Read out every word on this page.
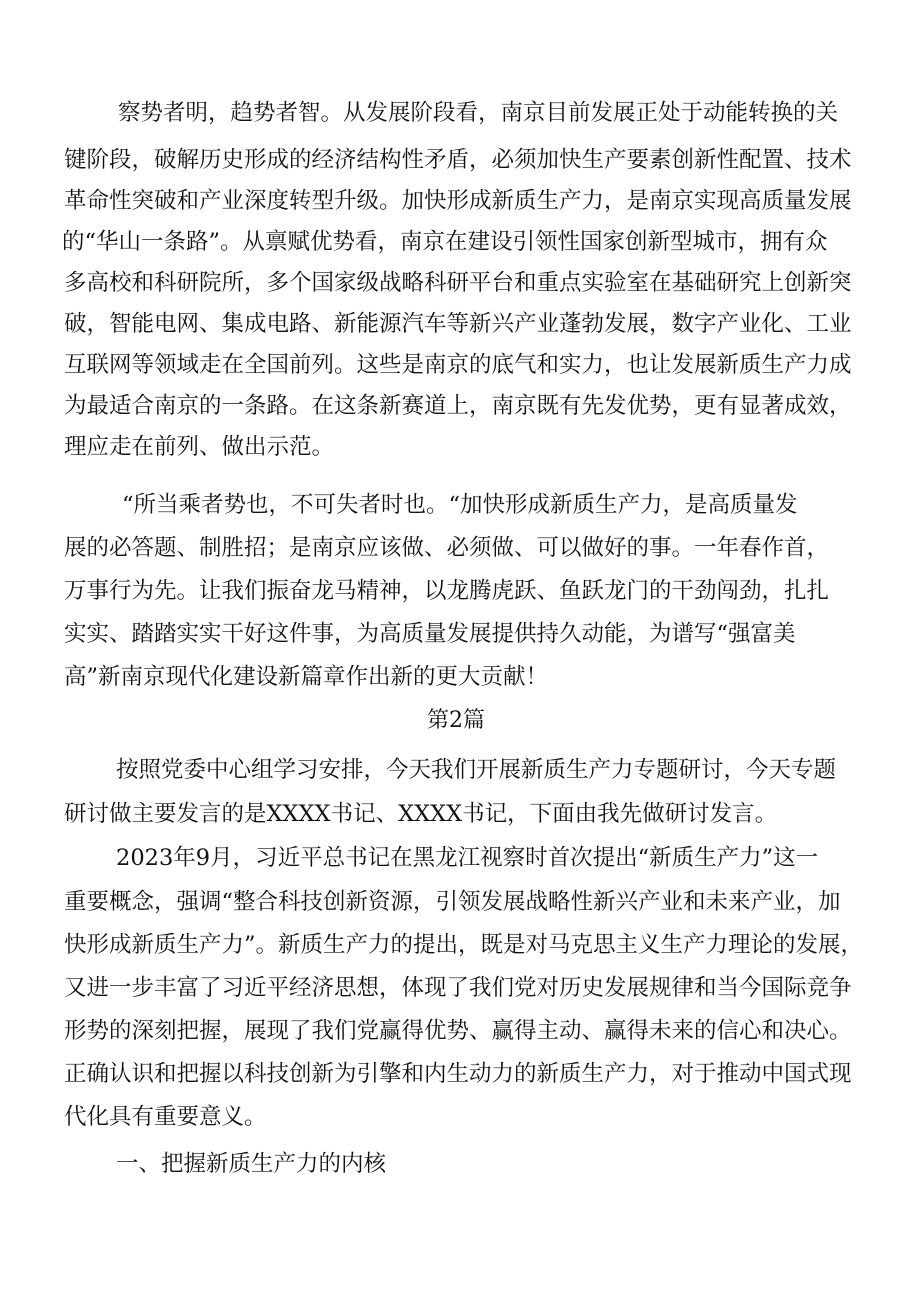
察势者明，趋势者智。从发展阶段看，南京目前发展正处于动能转换的关
键阶段，破解历史形成的经济结构性矛盾，必须加快生产要素创新性配置、技术
革命性突破和产业深度转型升级。加快形成新质生产力，是南京实现高质量发展
的“华山一条路”。从禀赋优势看，南京在建设引领性国家创新型城市，拥有众
多高校和科研院所，多个国家级战略科研平台和重点实验室在基础研究上创新突
破，智能电网、集成电路、新能源汽车等新兴产业蓬勃发展，数字产业化、工业
互联网等领域走在全国前列。这些是南京的底气和实力，也让发展新质生产力成
为最适合南京的一条路。在这条新赛道上，南京既有先发优势，更有显著成效，
理应走在前列、做出示范。
“所当乘者势也，不可失者时也。“加快形成新质生产力，是高质量发
展的必答题、制胜招；是南京应该做、必须做、可以做好的事。一年春作首，
万事行为先。让我们振奋龙马精神，以龙腾虎跃、鱼跃龙门的干劲闯劲，扎扎
实实、踏踏实实干好这件事，为高质量发展提供持久动能，为谱写“强富美
高”新南京现代化建设新篇章作出新的更大贡献！
第2篇
按照党委中心组学习安排，今天我们开展新质生产力专题研讨，今天专题
研讨做主要发言的是XXXX书记、XXXX书记，下面由我先做研讨发言。
2023年9月，习近平总书记在黑龙江视察时首次提出“新质生产力”这一
重要概念，强调“整合科技创新资源，引领发展战略性新兴产业和未来产业，加
快形成新质生产力”。新质生产力的提出，既是对马克思主义生产力理论的发展，
又进一步丰富了习近平经济思想，体现了我们党对历史发展规律和当今国际竞争
形势的深刻把握，展现了我们党赢得优势、赢得主动、赢得未来的信心和决心。
正确认识和把握以科技创新为引擎和内生动力的新质生产力，对于推动中国式现
代化具有重要意义。
一、把握新质生产力的内核
